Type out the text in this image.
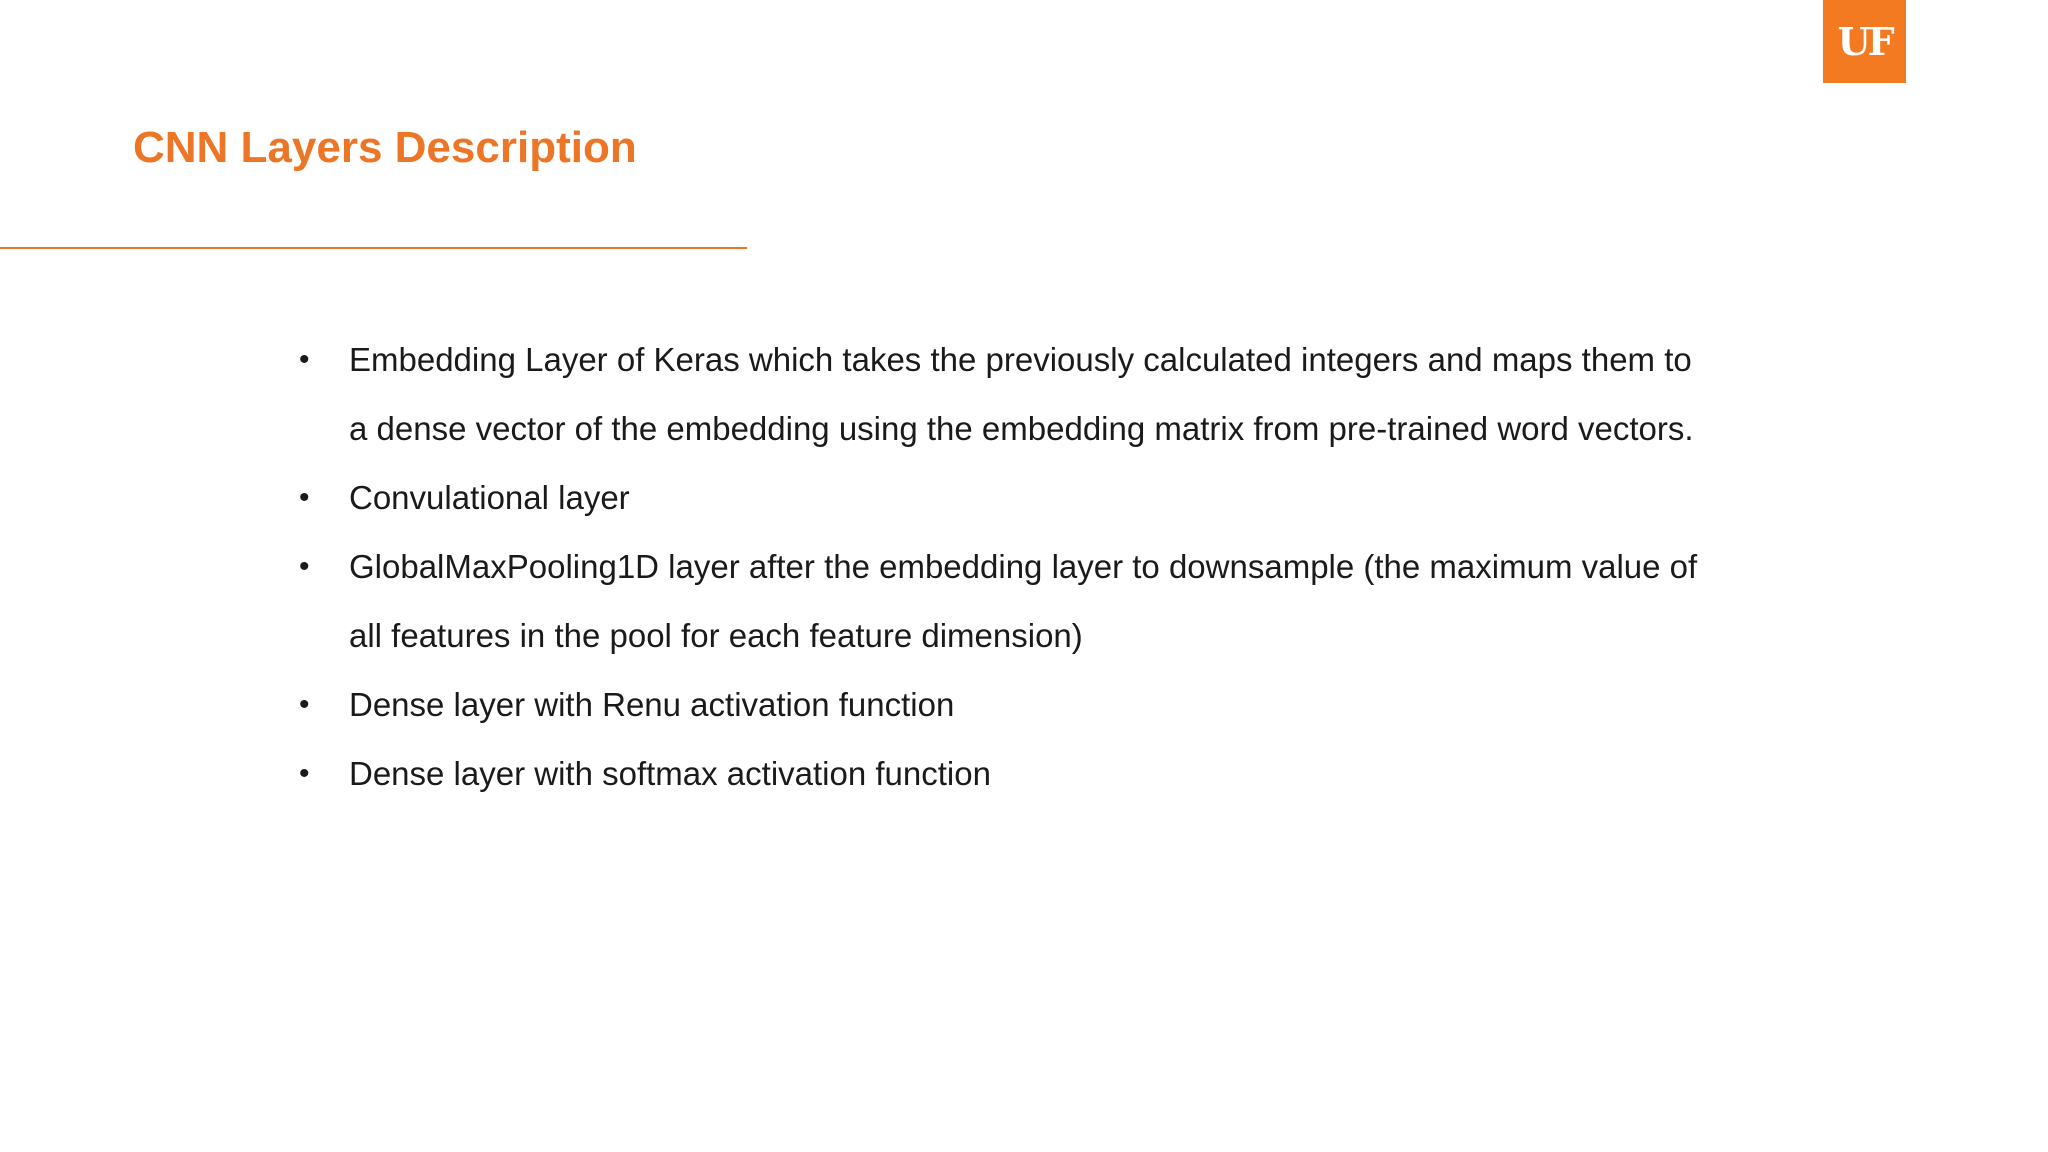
UF
CNN Layers Description
• Embedding Layer of Keras which takes the previously calculated integers and maps them to a dense vector of the embedding using the embedding matrix from pre-trained word vectors.
• Convulational layer
• GlobalMaxPooling1D layer after the embedding layer to downsample (the maximum value of all features in the pool for each feature dimension)
• Dense layer with Renu activation function
• Dense layer with softmax activation function
